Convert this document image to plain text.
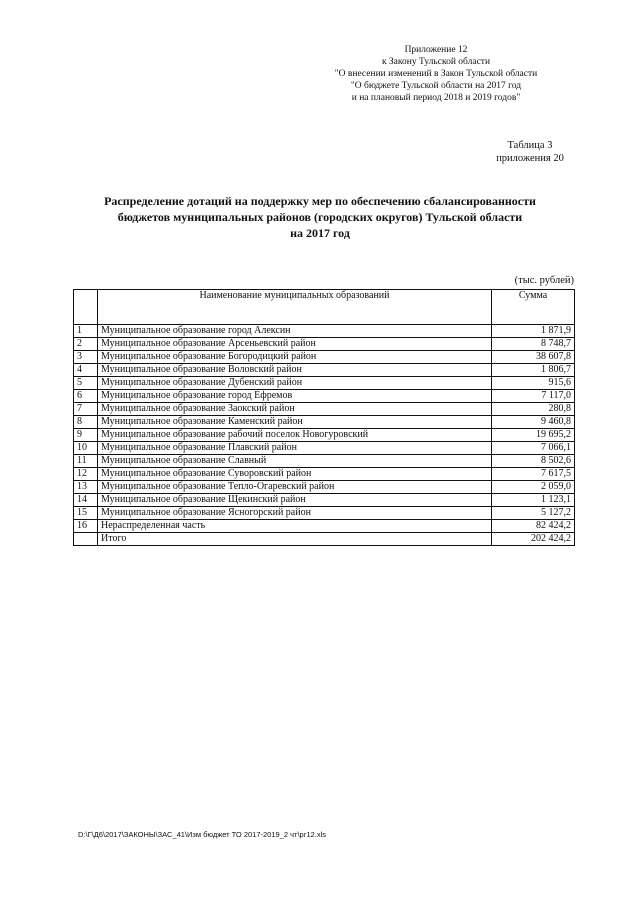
Приложение 12
к Закону Тульской области
"О внесении изменений в Закон Тульской области
"О бюджете Тульской области на 2017 год
и на плановый период 2018 и 2019 годов"
Таблица 3
приложения 20
Распределение дотаций на поддержку мер по обеспечению сбалансированности
бюджетов муниципальных районов (городских округов) Тульской области
на 2017 год
(тыс. рублей)
	Наименование муниципальных образований	Сумма
1	Муниципальное образование город Алексин	1 871,9
2	Муниципальное образование Арсеньевский район	8 748,7
3	Муниципальное образование Богородицкий район	38 607,8
4	Муниципальное образование Воловский район	1 806,7
5	Муниципальное образование Дубенский район	915,6
6	Муниципальное образование город Ефремов	7 117,0
7	Муниципальное образование Заокский район	280,8
8	Муниципальное образование Каменский район	9 460,8
9	Муниципальное образование рабочий поселок Новогуровский	19 695,2
10	Муниципальное образование Плавский район	7 066,1
11	Муниципальное образование Славный	8 502,6
12	Муниципальное образование Суворовский район	7 617,5
13	Муниципальное образование Тепло-Огаревский район	2 059,0
14	Муниципальное образование Щекинский район	1 123,1
15	Муниципальное образование Ясногорский район	5 127,2
16	Нераспределенная часть	82 424,2
	Итого	202 424,2
D:\Г\Д6\2017\ЗАКОНЫ\ЗАС_41\Изм бюджет ТО 2017-2019_2 чт\рг12.xls
